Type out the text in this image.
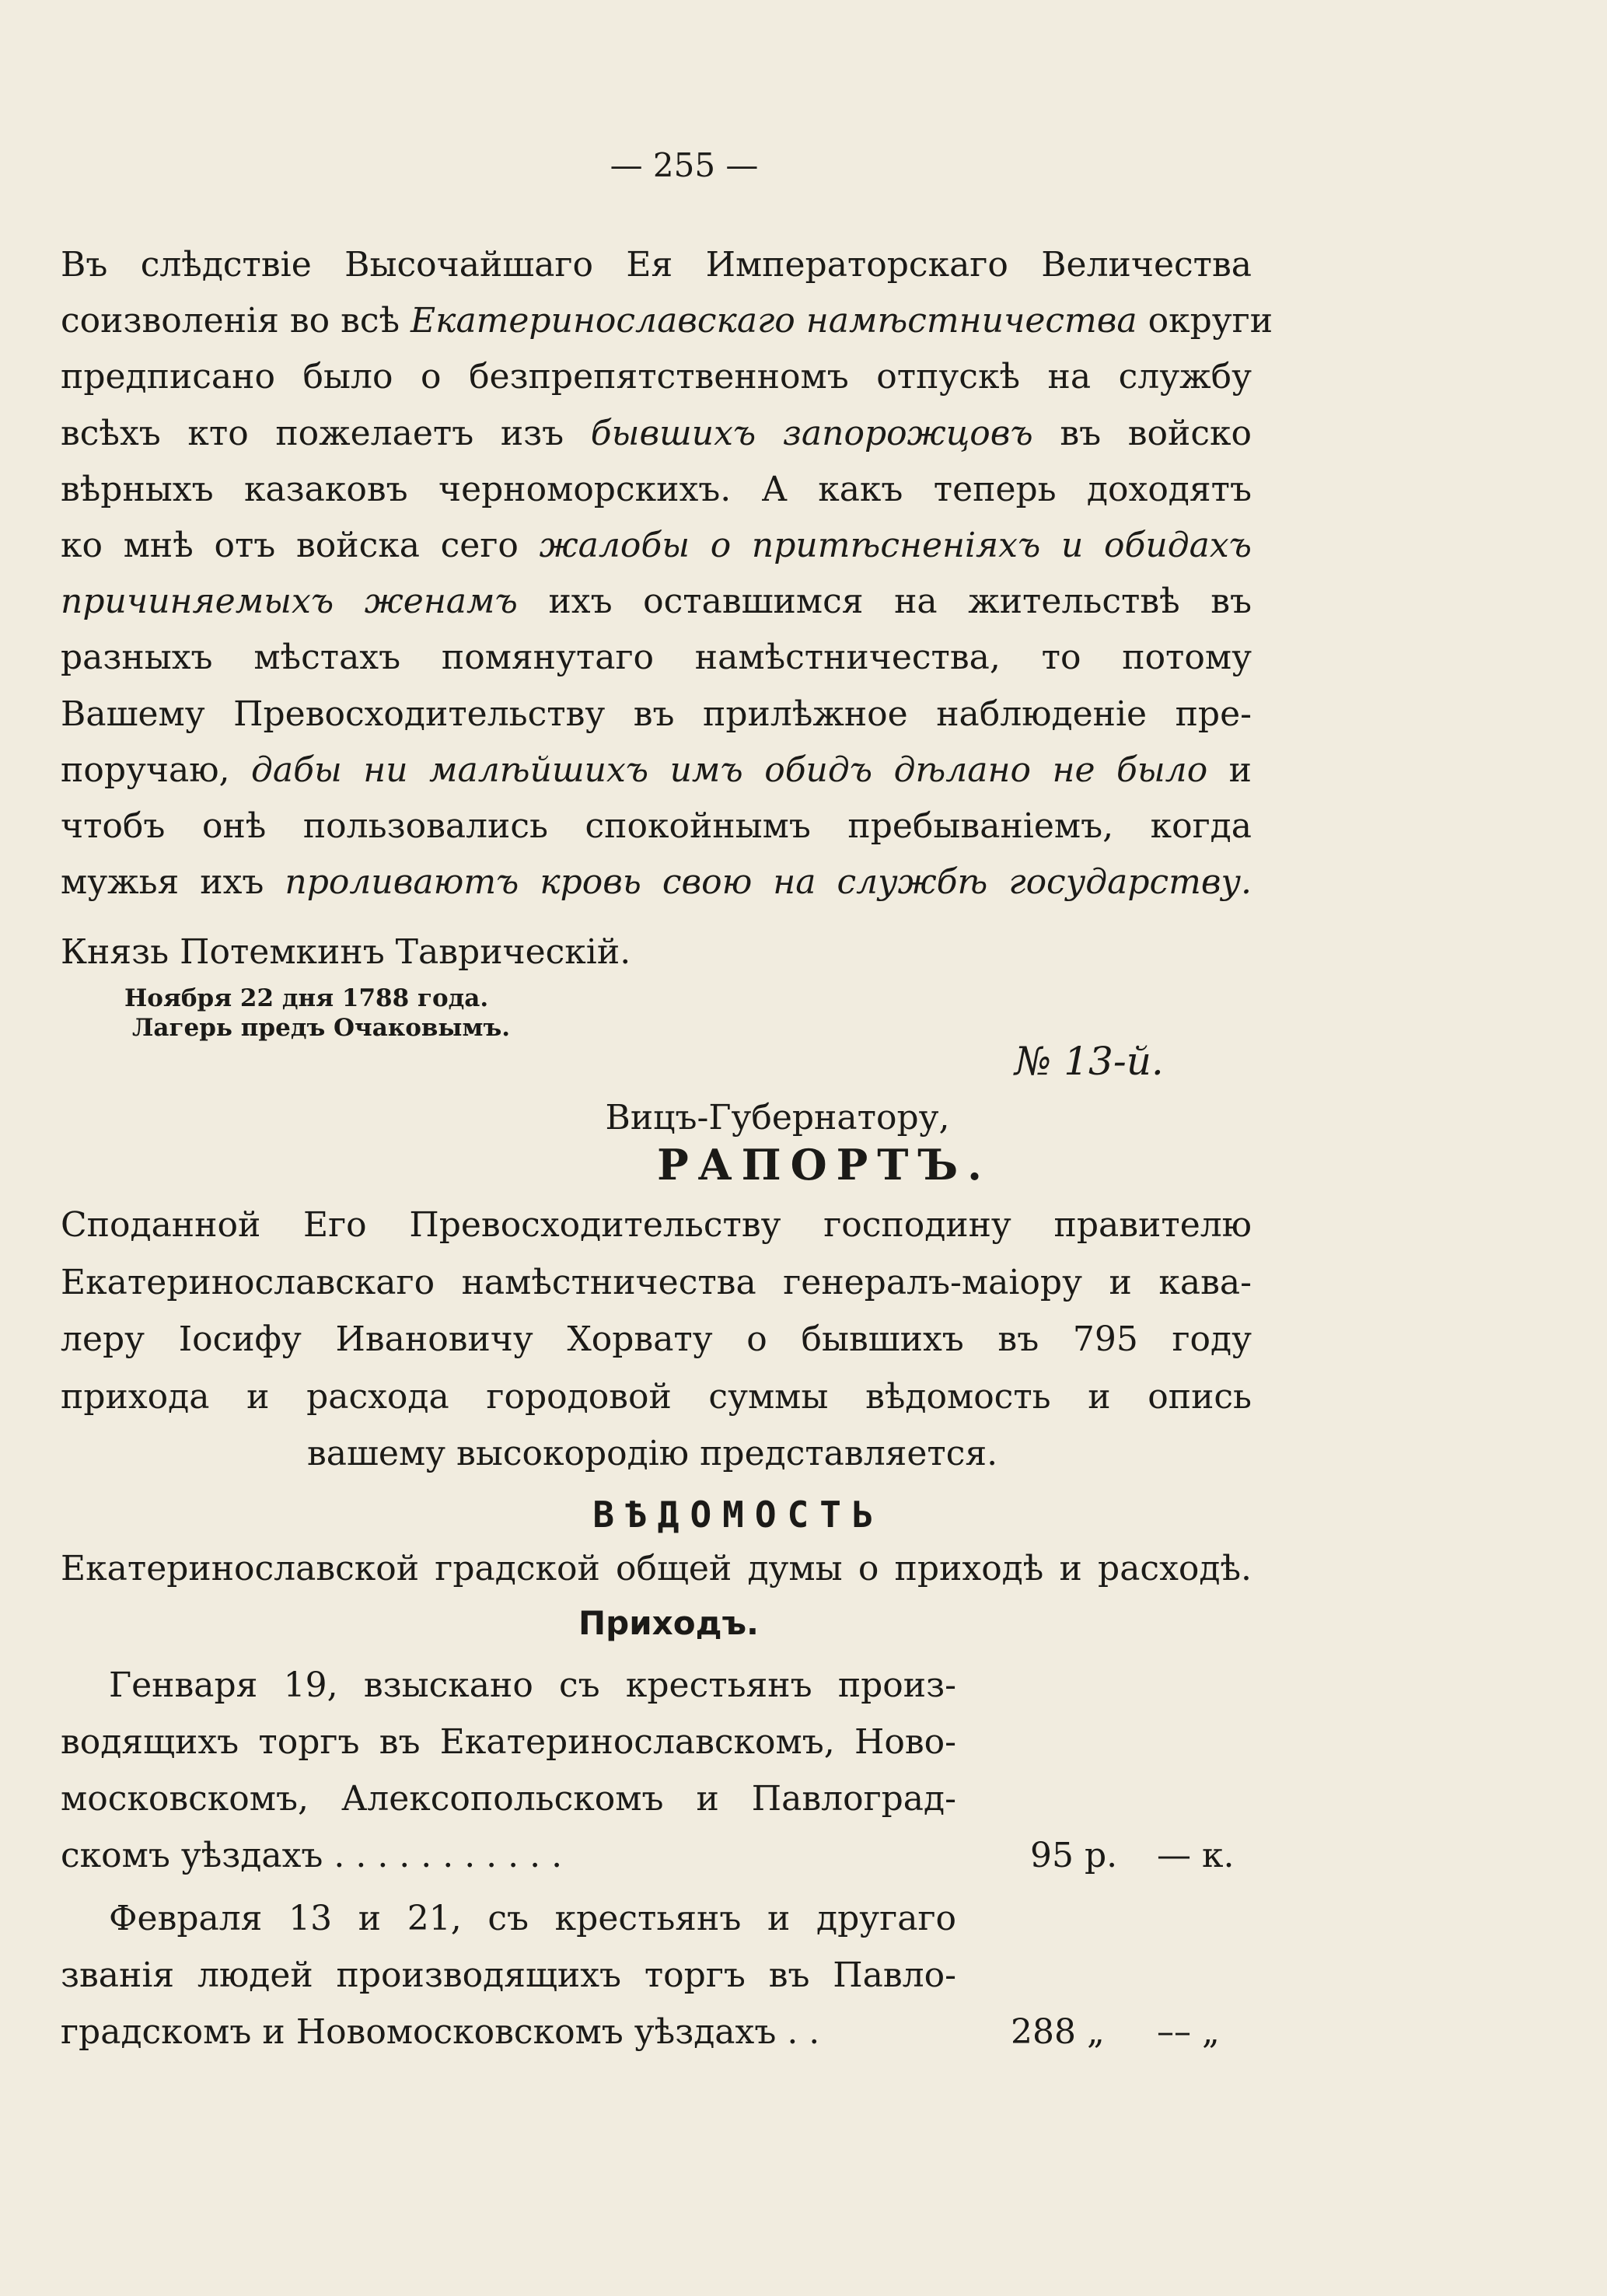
— 255 —
Въ слѣдствіе Высочайшаго Ея Императорскаго Величества
соизволенія во всѣ Екатеринославскаго намѣстничества округи
предписано было о безпрепятственномъ отпускѣ на службу
всѣхъ кто пожелаетъ изъ бывшихъ запорожцовъ въ войско
вѣрныхъ казаковъ черноморскихъ. А какъ теперь доходятъ
ко мнѣ отъ войска сего жалобы о притѣсненіяхъ и обидахъ
причиняемыхъ женамъ ихъ оставшимся на жительствѣ въ
разныхъ мѣстахъ помянутаго намѣстничества, то потому
Вашему Превосходительству въ прилѣжное наблюденіе пре-
поручаю, дабы ни малѣйшихъ имъ обидъ дѣлано не было и
чтобъ онѣ пользовались спокойнымъ пребываніемъ, когда
мужья ихъ проливаютъ кровь свою на службѣ государству.
Князь Потемкинъ Таврическій.
Ноября 22 дня 1788 года.
Лагерь предъ Очаковымъ.
№ 13-й.
Вицъ-Губернатору,
РАПОРТЪ.
Споданной Его Превосходительству господину правителю
Екатеринославскаго намѣстничества генералъ-маіору и кава-
леру Іосифу Ивановичу Хорвату о бывшихъ въ 795 году
прихода и расхода городовой суммы вѣдомость и опись
вашему высокородію представляется.
ВѢДОМОСТЬ
Екатеринославской градской общей думы о приходѣ и расходѣ.
Приходъ.
Генваря 19, взыскано съ крестьянъ произ-
водящихъ торгъ въ Екатеринославскомъ, Ново-
московскомъ, Алексопольскомъ и Павлоград-
скомъ уѣздахъ . . . . . . . . . . .	95 р. — к.
Февраля 13 и 21, съ крестьянъ и другагo
званія людей производящихъ торгъ въ Павло-
градскомъ и Новомосковскомъ уѣздахъ . .	288 „ –– „
